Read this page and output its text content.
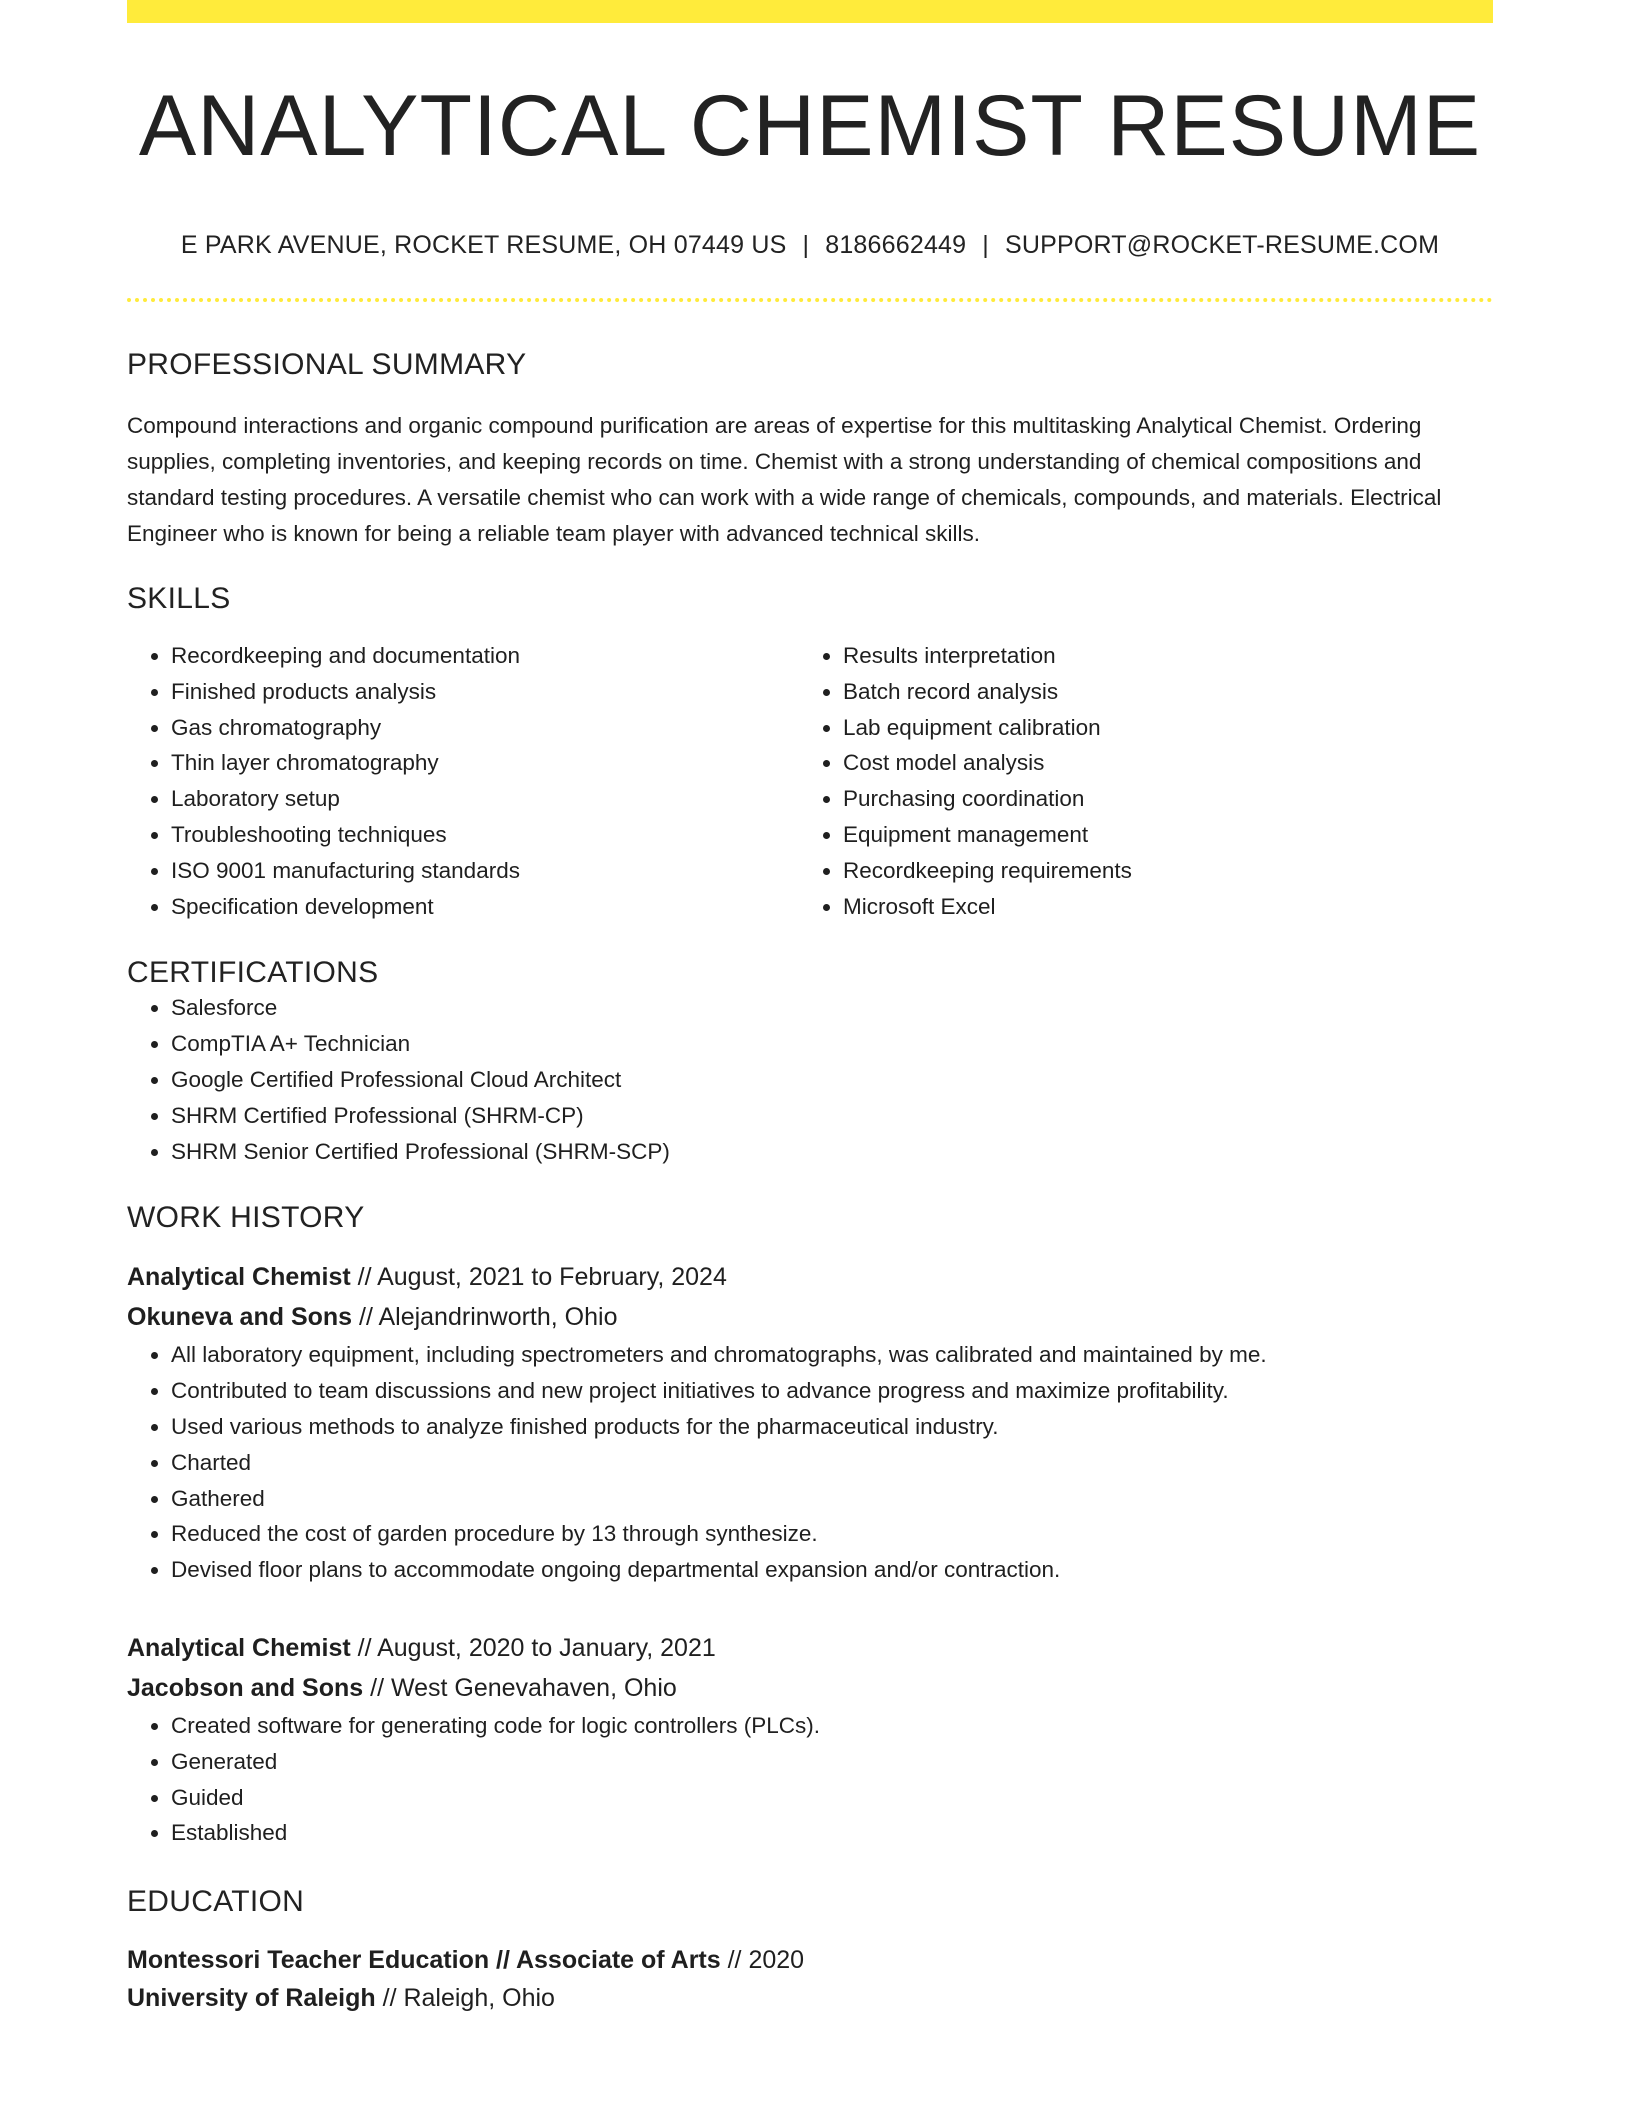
ANALYTICAL CHEMIST RESUME
E PARK AVENUE, ROCKET RESUME, OH 07449 US | 8186662449 | SUPPORT@ROCKET-RESUME.COM
PROFESSIONAL SUMMARY

Compound interactions and organic compound purification are areas of expertise for this multitasking Analytical Chemist. Ordering supplies, completing inventories, and keeping records on time. Chemist with a strong understanding of chemical compositions and standard testing procedures. A versatile chemist who can work with a wide range of chemicals, compounds, and materials. Electrical Engineer who is known for being a reliable team player with advanced technical skills.

SKILLS
• Recordkeeping and documentation
• Finished products analysis
• Gas chromatography
• Thin layer chromatography
• Laboratory setup
• Troubleshooting techniques
• ISO 9001 manufacturing standards
• Specification development
• Results interpretation
• Batch record analysis
• Lab equipment calibration
• Cost model analysis
• Purchasing coordination
• Equipment management
• Recordkeeping requirements
• Microsoft Excel
CERTIFICATIONS
• Salesforce
• CompTIA A+ Technician
• Google Certified Professional Cloud Architect
• SHRM Certified Professional (SHRM-CP)
• SHRM Senior Certified Professional (SHRM-SCP)
WORK HISTORY
Analytical Chemist // August, 2021 to February, 2024
Okuneva and Sons // Alejandrinworth, Ohio
• All laboratory equipment, including spectrometers and chromatographs, was calibrated and maintained by me.
• Contributed to team discussions and new project initiatives to advance progress and maximize profitability.
• Used various methods to analyze finished products for the pharmaceutical industry.
• Charted
• Gathered
• Reduced the cost of garden procedure by 13 through synthesize.
• Devised floor plans to accommodate ongoing departmental expansion and/or contraction.
Analytical Chemist // August, 2020 to January, 2021
Jacobson and Sons // West Genevahaven, Ohio
• Created software for generating code for logic controllers (PLCs).
• Generated
• Guided
• Established
EDUCATION
Montessori Teacher Education // Associate of Arts // 2020
University of Raleigh // Raleigh, Ohio
